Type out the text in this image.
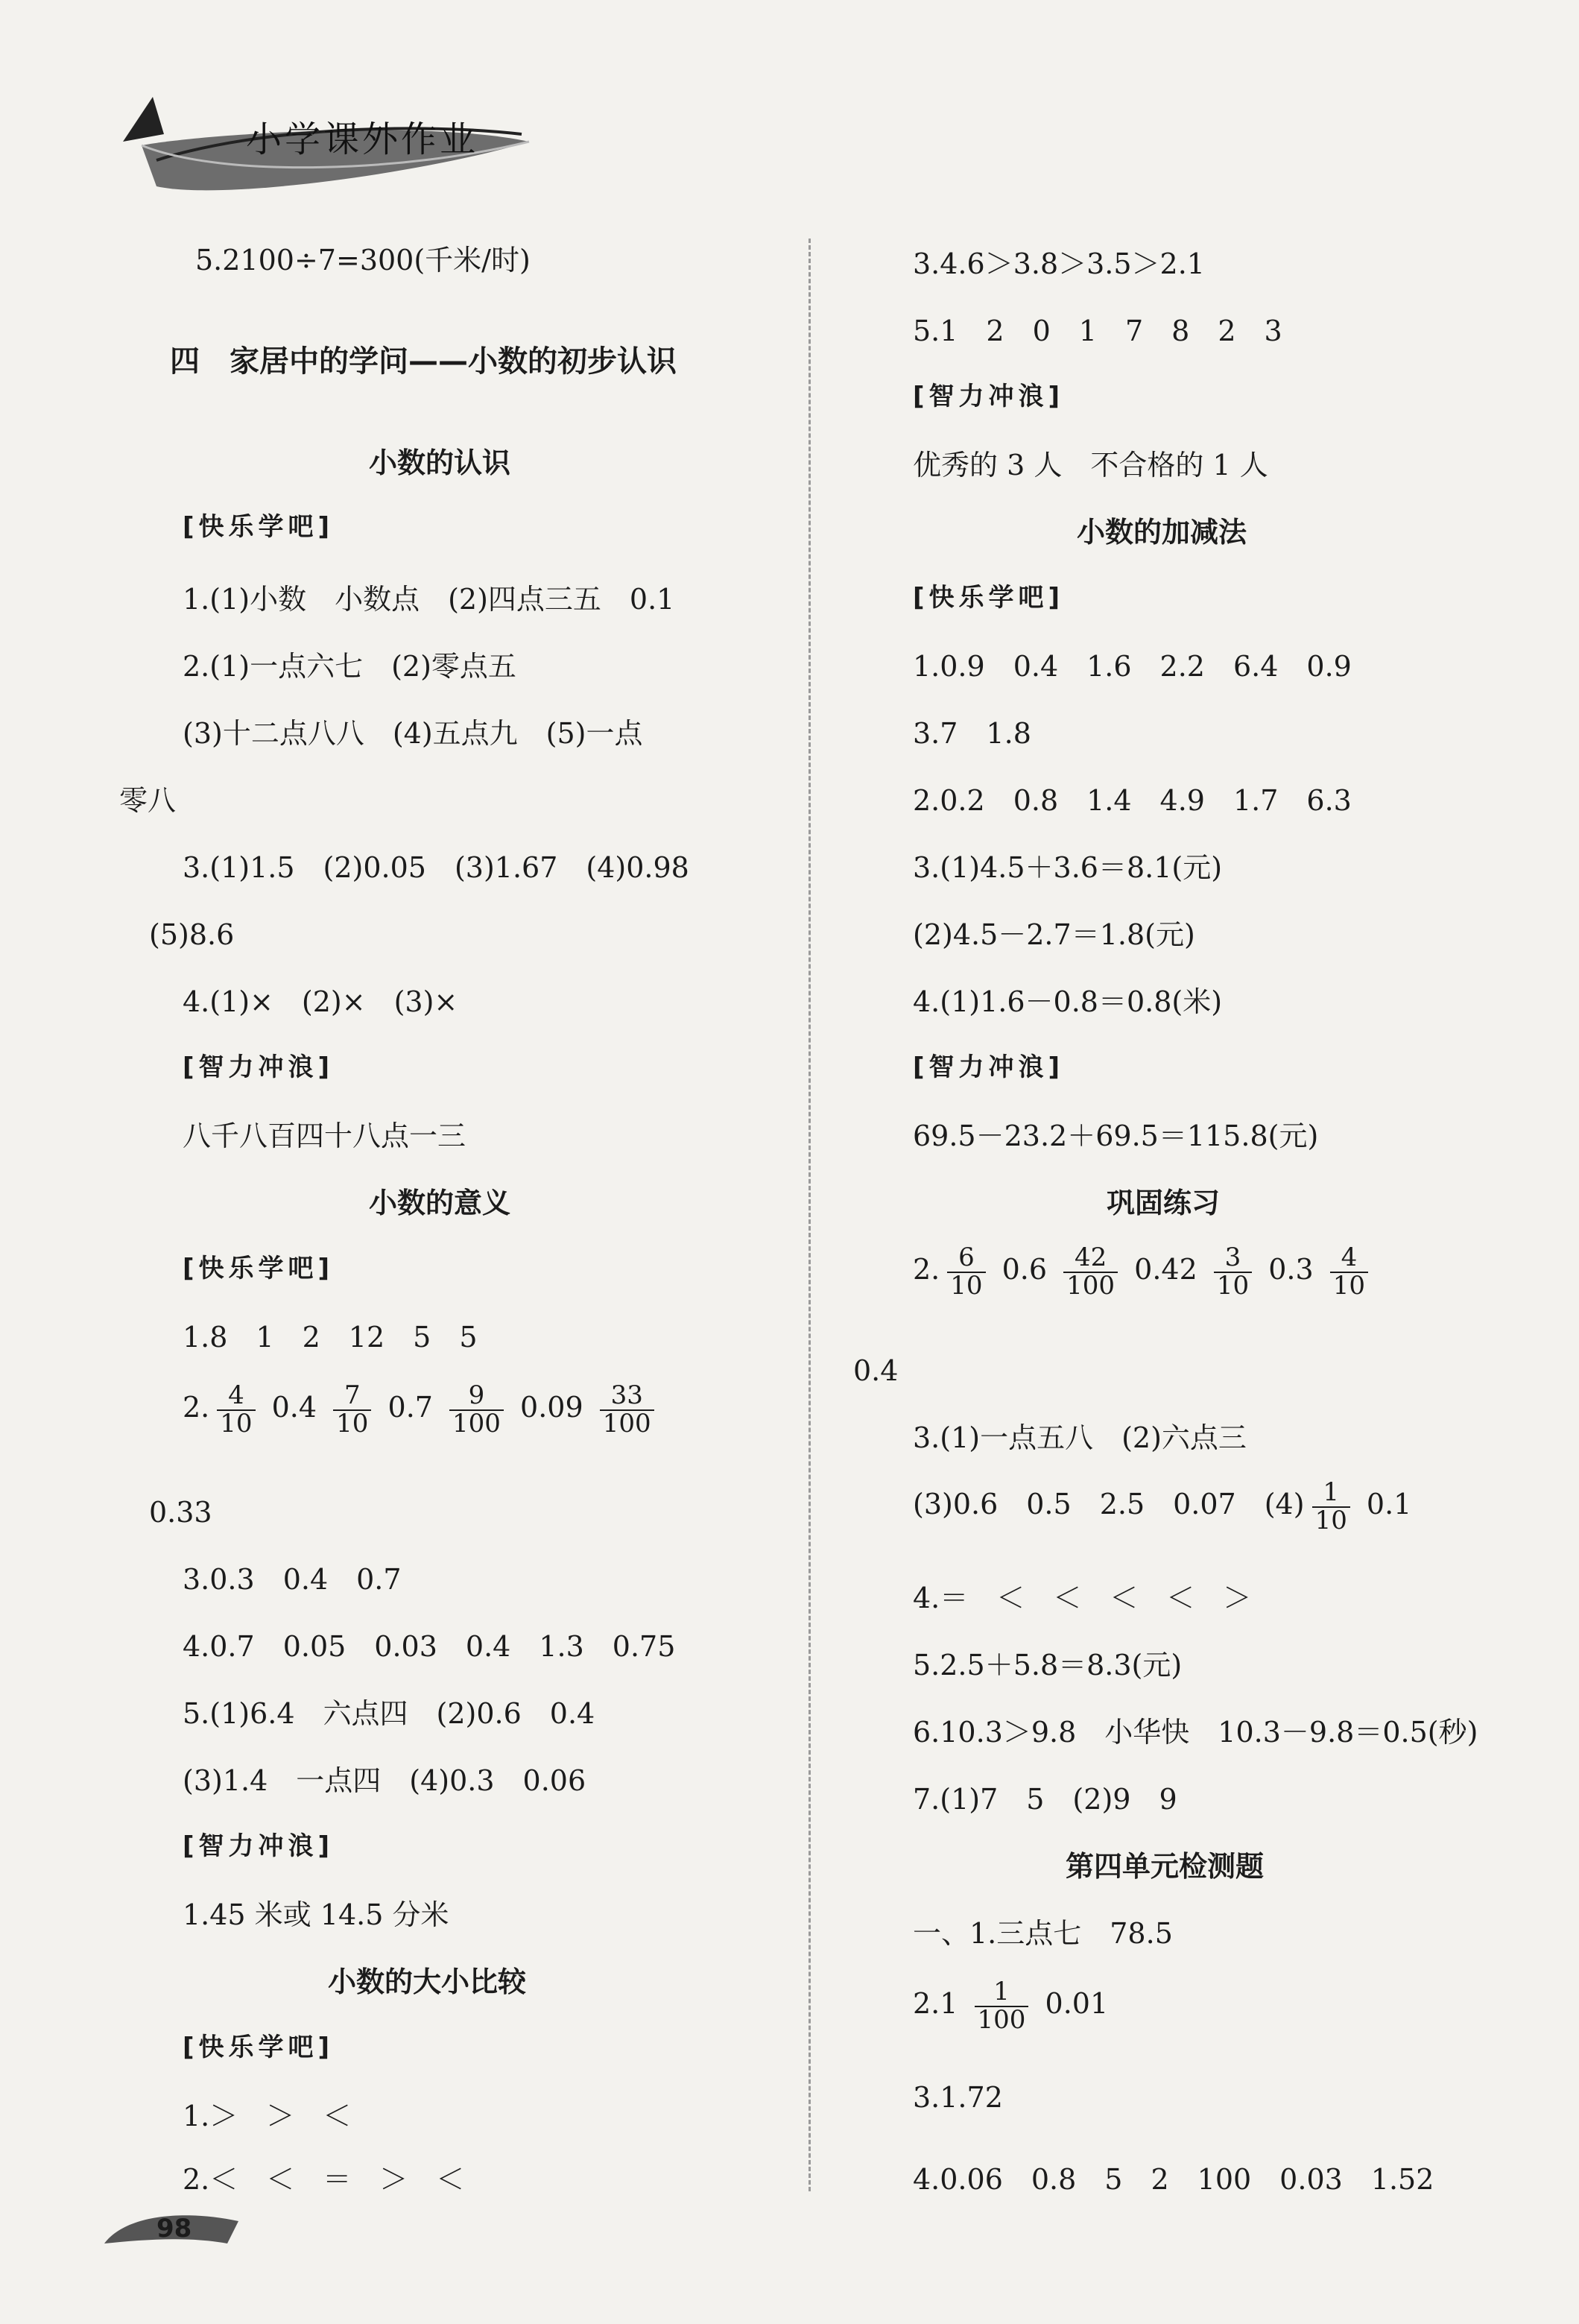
小学课外作业
5.2100÷7=300(千米/时)
四　家居中的学问——小数的初步认识
小数的认识
[快乐学吧]
1.(1)小数　小数点　(2)四点三五　0.1
2.(1)一点六七　(2)零点五
(3)十二点八八　(4)五点九　(5)一点
零八
3.(1)1.5　(2)0.05　(3)1.67　(4)0.98
(5)8.6
4.(1)×　(2)×　(3)×
[智力冲浪]
八千八百四十八点一三
小数的意义
[快乐学吧]
1.8　1　2　12　5　5
2. $\frac{4}{10} 0.4 \frac{7}{10} 0.7 \frac{9}{100} 0.09 \frac{33}{100}$
0.33
3.0.3　0.4　0.7
4.0.7　0.05　0.03　0.4　1.3　0.75
5.(1)6.4　六点四　(2)0.6　0.4
(3)1.4　一点四　(4)0.3　0.06
[智力冲浪]
1.45 米或 14.5 分米
小数的大小比较
[快乐学吧]
1.＞　＞　＜
2.＜　＜　＝　＞　＜
3.4.6＞3.8＞3.5＞2.1
5.1　2　0　1　7　8　2　3
[智力冲浪]
优秀的 3 人　不合格的 1 人
小数的加减法
[快乐学吧]
1.0.9　0.4　1.6　2.2　6.4　0.9
3.7　1.8
2.0.2　0.8　1.4　4.9　1.7　6.3
3.(1)4.5＋3.6＝8.1(元)
(2)4.5－2.7＝1.8(元)
4.(1)1.6－0.8＝0.8(米)
[智力冲浪]
69.5－23.2＋69.5＝115.8(元)
巩固练习
2. $\frac{6}{10} 0.6 \frac{42}{100} 0.42 \frac{3}{10} 0.3 \frac{4}{10}$
0.4
3.(1)一点五八　(2)六点三
(3)0.6　0.5　2.5　0.07　$(4) \frac{1}{10} 0.1$
4.＝　＜　＜　＜　＜　＞
5.2.5＋5.8＝8.3(元)
6.10.3＞9.8　小华快　10.3－9.8＝0.5(秒)
7.(1)7　5　(2)9　9
第四单元检测题
一、1.三点七　78.5
$2.1 \frac{1}{100} 0.01$
3.1.72
4.0.06　0.8　5　2　100　0.03　1.52
98
